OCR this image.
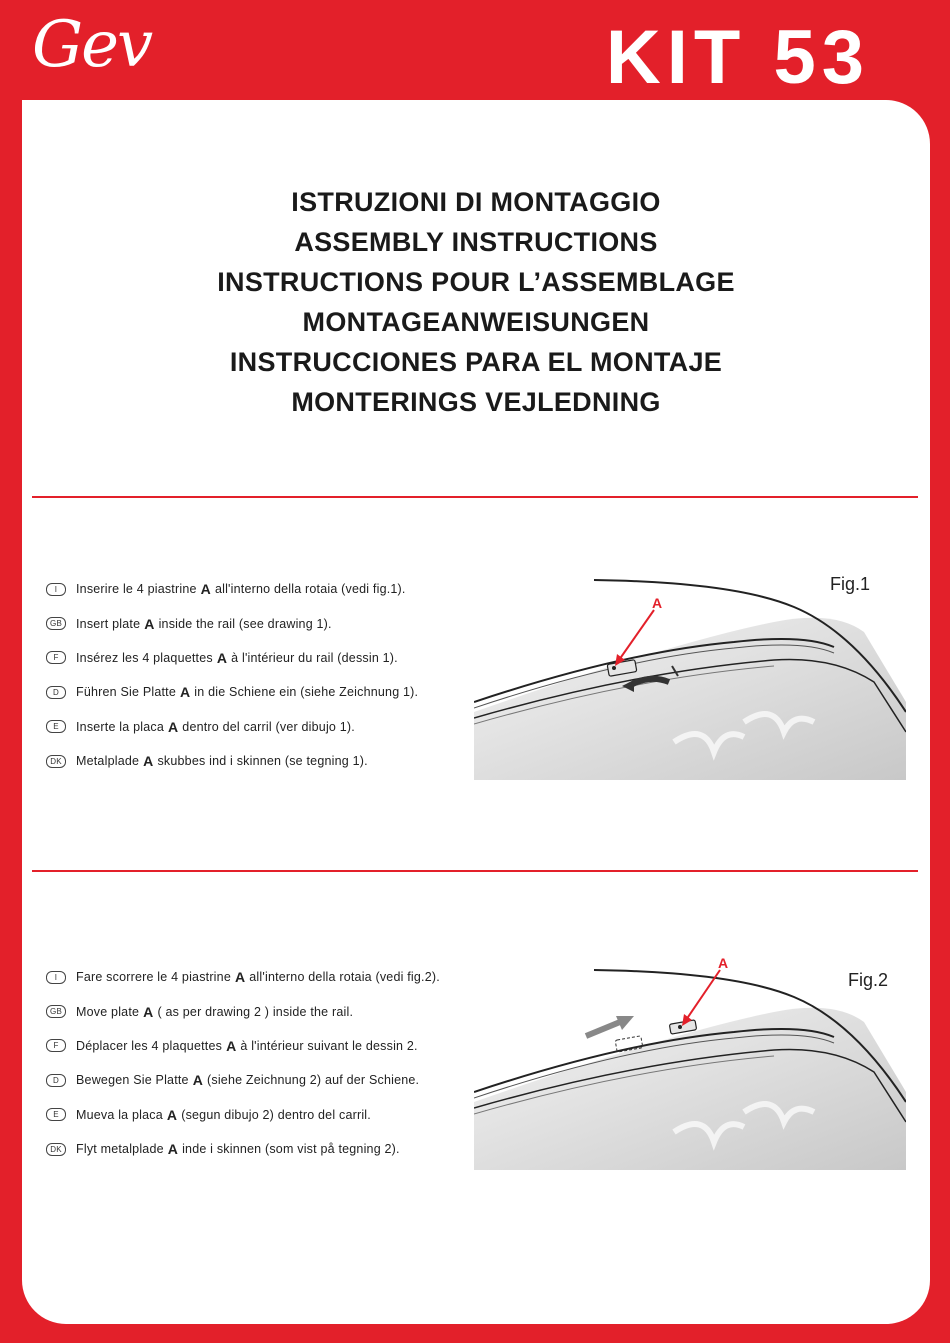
Gev	KIT 53
ISTRUZIONI DI MONTAGGIO
ASSEMBLY INSTRUCTIONS
INSTRUCTIONS POUR L’ASSEMBLAGE
MONTAGEANWEISUNGEN
INSTRUCCIONES PARA EL MONTAJE
MONTERINGS VEJLEDNING
I	Inserire le 4 piastrine A all'interno della rotaia (vedi fig.1).
GB	Insert plate A inside the rail (see drawing 1).
F	Insérez les 4 plaquettes A à l'intérieur du rail (dessin 1).
D	Führen Sie Platte A in die Schiene ein (siehe Zeichnung 1).
E	Inserte la placa A dentro del carril (ver dibujo 1).
DK	Metalplade A skubbes ind i skinnen (se tegning 1).
Fig.1
A
I	Fare scorrere le 4 piastrine A all'interno della rotaia (vedi fig.2).
GB	Move plate A ( as per drawing 2 ) inside the rail.
F	Déplacer les 4 plaquettes A à l'intérieur suivant le dessin 2.
D	Bewegen Sie Platte A (siehe Zeichnung 2) auf der Schiene.
E	Mueva la placa A (segun dibujo 2) dentro del carril.
DK	Flyt metalplade A inde i skinnen (som vist på tegning 2).
Fig.2
A
